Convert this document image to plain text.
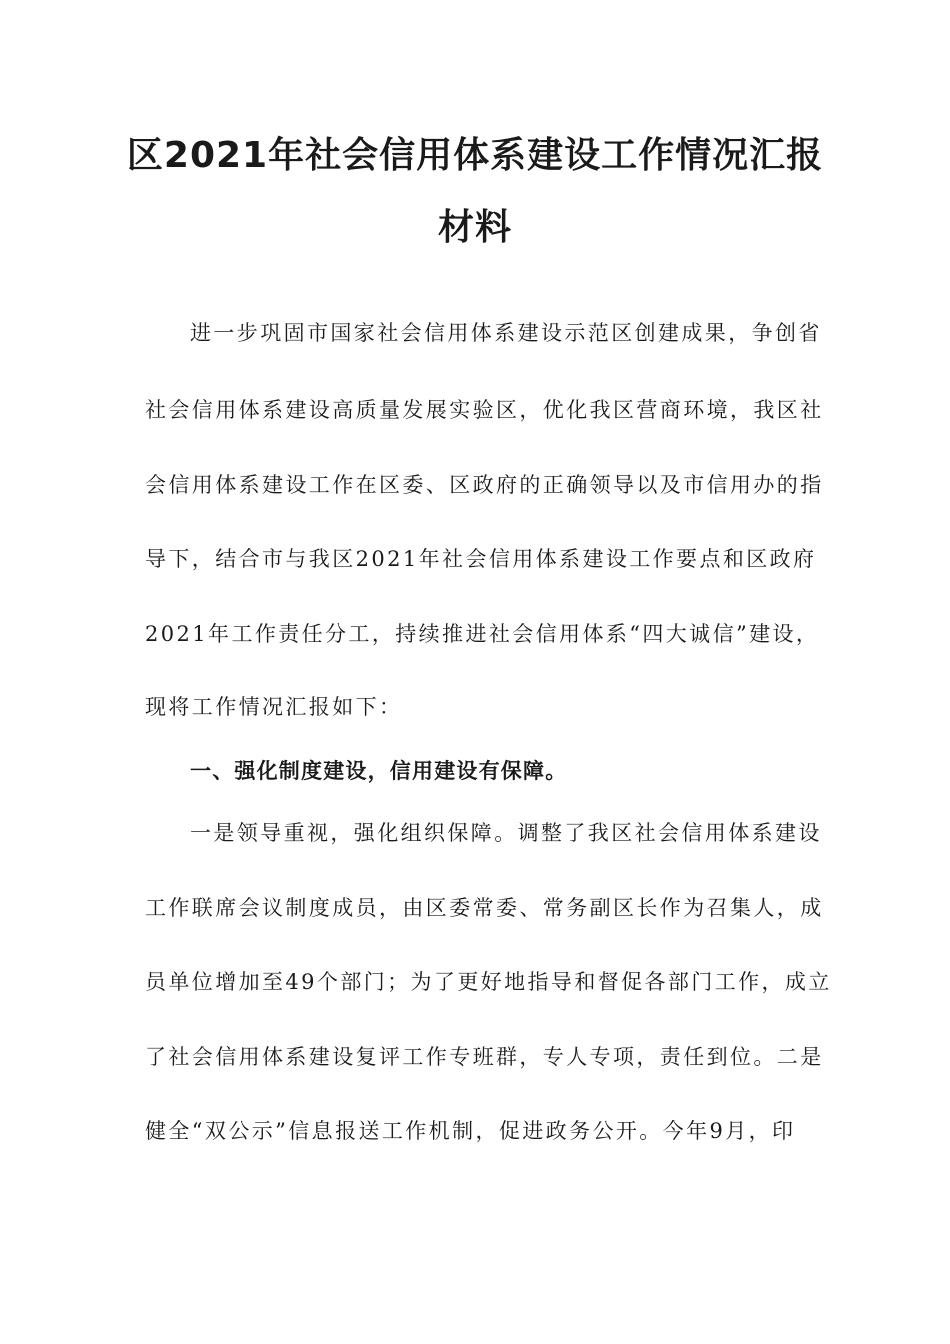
区2021年社会信用体系建设工作情况汇报
材料
进一步巩固市国家社会信用体系建设示范区创建成果，争创省
社会信用体系建设高质量发展实验区，优化我区营商环境，我区社
会信用体系建设工作在区委、区政府的正确领导以及市信用办的指
导下，结合市与我区2021年社会信用体系建设工作要点和区政府
2021年工作责任分工，持续推进社会信用体系“四大诚信”建设，
现将工作情况汇报如下：
一、强化制度建设，信用建设有保障。
一是领导重视，强化组织保障。调整了我区社会信用体系建设
工作联席会议制度成员，由区委常委、常务副区长作为召集人，成
员单位增加至49个部门；为了更好地指导和督促各部门工作，成立
了社会信用体系建设复评工作专班群，专人专项，责任到位。二是
健全“双公示”信息报送工作机制，促进政务公开。今年9月，印
